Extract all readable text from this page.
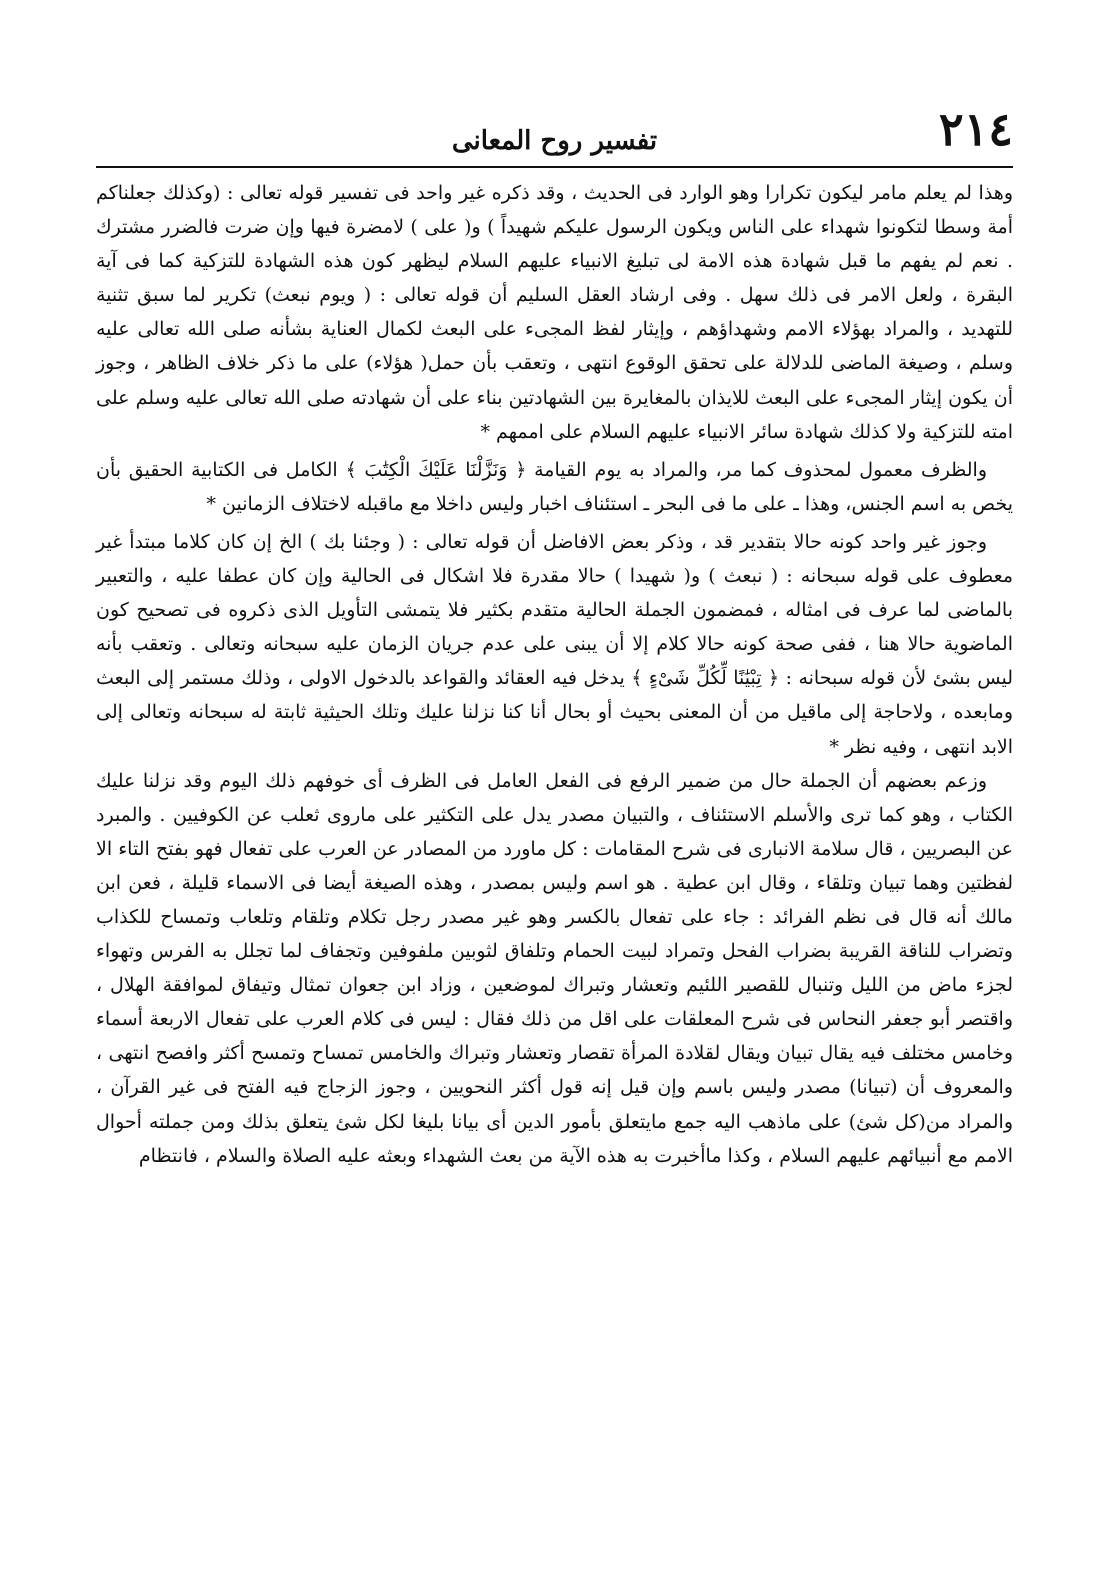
٢١٤
تفسير روح المعانى

وهذا لم يعلم مامر ليكون تكرارا وهو الوارد فى الحديث ، وقد ذكره غير واحد فى تفسير قوله تعالى : (وكذلك جعلناكم أمة وسطا لتكونوا شهداء على الناس ويكون الرسول عليكم شهيداً ) و( على ) لامضرة فيها وإن ضرت فالضرر مشترك . نعم لم يفهم ما قبل شهادة هذه الامة لى تبليغ الانبياء عليهم السلام ليظهر كون هذه الشهادة للتزكية كما فى آية البقرة ، ولعل الامر فى ذلك سهل . وفى ارشاد العقل السليم أن قوله تعالى : ( ويوم نبعث) تكرير لما سبق تثنية للتهديد ، والمراد بهؤلاء الامم وشهداؤهم ، وإيثار لفظ المجىء على البعث لكمال العناية بشأنه صلى الله تعالى عليه وسلم ، وصيغة الماضى للدلالة على تحقق الوقوع انتهى ، وتعقب بأن حمل( هؤلاء) على ما ذكر خلاف الظاهر ، وجوز أن يكون إيثار المجىء على البعث للايذان بالمغايرة بين الشهادتين بناء على أن شهادته صلى الله تعالى عليه وسلم على امته للتزكية ولا كذلك شهادة سائر الانبياء عليهم السلام على اممهم *

والظرف معمول لمحذوف كما مر، والمراد به يوم القيامة ﴿ وَنَزَّلْنَا عَلَيْكَ الْكِتَٰبَ ﴾ الكامل فى الكتابية الحقيق بأن يخص به اسم الجنس، وهذا ـ على ما فى البحر ـ استئناف اخبار وليس داخلا مع ماقبله لاختلاف الزمانين *

وجوز غير واحد كونه حالا بتقدير قد ، وذكر بعض الافاضل أن قوله تعالى : ( وجئنا بك ) الخ إن كان كلاما مبتدأ غير معطوف على قوله سبحانه : ( نبعث ) و( شهيدا ) حالا مقدرة فلا اشكال فى الحالية وإن كان عطفا عليه ، والتعبير بالماضى لما عرف فى امثاله ، فمضمون الجملة الحالية متقدم بكثير فلا يتمشى التأويل الذى ذكروه فى تصحيح كون الماضوية حالا هنا ، ففى صحة كونه حالا كلام إلا أن يبنى على عدم جريان الزمان عليه سبحانه وتعالى . وتعقب بأنه ليس بشئ لأن قوله سبحانه : ﴿ تِبْيَٰنًا لِّكُلِّ شَىْءٍ ﴾ يدخل فيه العقائد والقواعد بالدخول الاولى ، وذلك مستمر إلى البعث ومابعده ، ولاحاجة إلى ماقيل من أن المعنى بحيث أو بحال أنا كنا نزلنا عليك وتلك الحيثية ثابتة له سبحانه وتعالى إلى الابد انتهى ، وفيه نظر *

وزعم بعضهم أن الجملة حال من ضمير الرفع فى الفعل العامل فى الظرف أى خوفهم ذلك اليوم وقد نزلنا عليك الكتاب ، وهو كما ترى والأسلم الاستئناف ، والتبيان مصدر يدل على التكثير على ماروى ثعلب عن الكوفيين . والمبرد عن البصريين ، قال سلامة الانبارى فى شرح المقامات : كل ماورد من المصادر عن العرب على تفعال فهو بفتح التاء الا لفظتين وهما تبيان وتلقاء ، وقال ابن عطية . هو اسم وليس بمصدر ، وهذه الصيغة أيضا فى الاسماء قليلة ، فعن ابن مالك أنه قال فى نظم الفرائد : جاء على تفعال بالكسر وهو غير مصدر رجل تكلام وتلقام وتلعاب وتمساح للكذاب وتضراب للناقة القريبة بضراب الفحل وتمراد لبيت الحمام وتلفاق لثوبين ملفوفين وتجفاف لما تجلل به الفرس وتهواء لجزء ماض من الليل وتنبال للقصير اللئيم وتعشار وتبراك لموضعين ، وزاد ابن جعوان تمثال وتيفاق لموافقة الهلال ، واقتصر أبو جعفر النحاس فى شرح المعلقات على اقل من ذلك فقال : ليس فى كلام العرب على تفعال الاربعة أسماء وخامس مختلف فيه يقال تبيان ويقال لقلادة المرأة تقصار وتعشار وتبراك والخامس تمساح وتمسح أكثر وافصح انتهى ، والمعروف أن (تبيانا) مصدر وليس باسم وإن قيل إنه قول أكثر النحويين ، وجوز الزجاج فيه الفتح فى غير القرآن ، والمراد من(كل شئ) على ماذهب اليه جمع مايتعلق بأمور الدين أى بيانا بليغا لكل شئ يتعلق بذلك ومن جملته أحوال الامم مع أنبيائهم عليهم السلام ، وكذا ماأخبرت به هذه الآية من بعث الشهداء وبعثه عليه الصلاة والسلام ، فانتظام
